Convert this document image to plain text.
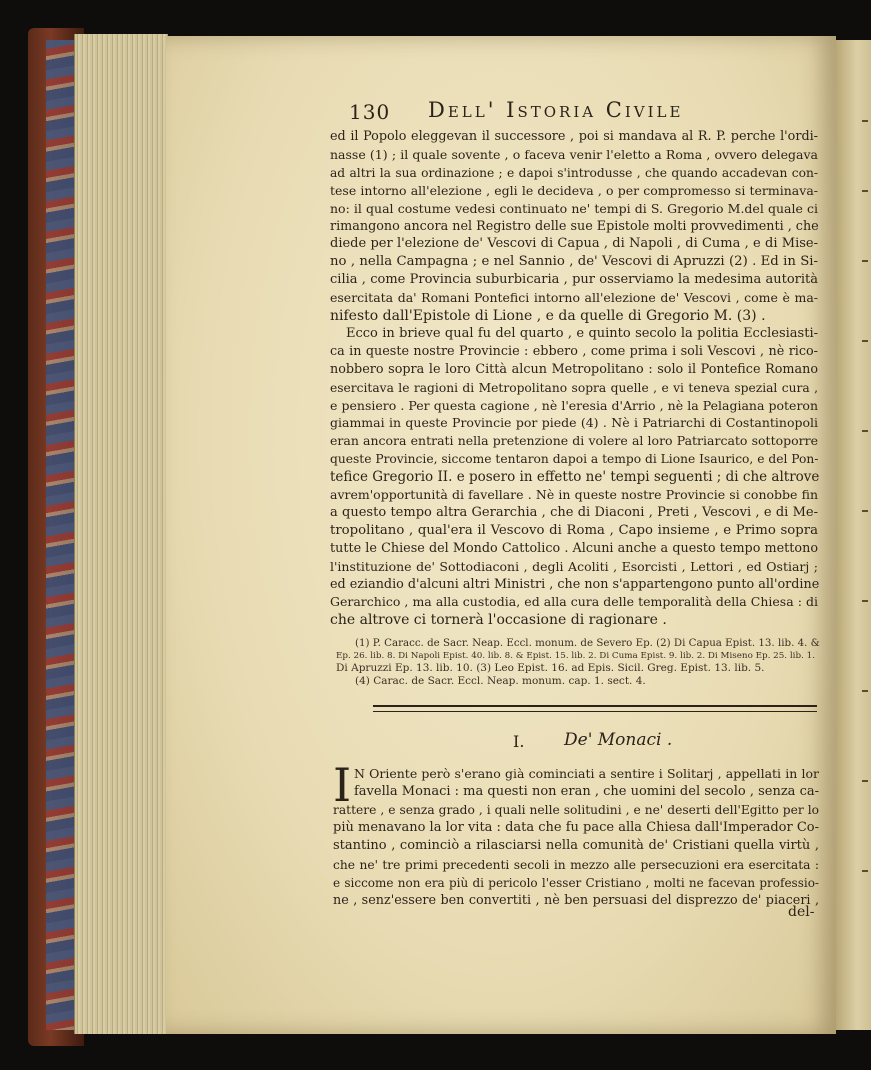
130 Dell' Istoria Civile
ed il Popolo eleggevan il successore , poi si mandava al R. P. perche l'ordi-
nasse (1) ; il quale sovente , o faceva venir l'eletto a Roma , ovvero delegava
ad altri la sua ordinazione ; e dapoi s'introdusse , che quando accadevan con-
tese intorno all'elezione , egli le decideva , o per compromesso si terminava-
no: il qual costume vedesi continuato ne' tempi di S. Gregorio M.del quale ci
rimangono ancora nel Registro delle sue Epistole molti provvedimenti , che
diede per l'elezione de' Vescovi di Capua , di Napoli , di Cuma , e di Mise-
no , nella Campagna ; e nel Sannio , de' Vescovi di Apruzzi (2) . Ed in Si-
cilia , come Provincia suburbicaria , pur osserviamo la medesima autorità
esercitata da' Romani Pontefici intorno all'elezione de' Vescovi , come è ma-
nifesto dall'Epistole di Lione , e da quelle di Gregorio M. (3) .
Ecco in brieve qual fu del quarto , e quinto secolo la politia Ecclesiasti-
ca in queste nostre Provincie : ebbero , come prima i soli Vescovi , nè rico-
nobbero sopra le loro Città alcun Metropolitano : solo il Pontefice Romano
esercitava le ragioni di Metropolitano sopra quelle , e vi teneva spezial cura ,
e pensiero . Per questa cagione , nè l'eresia d'Arrio , nè la Pelagiana poteron
giammai in queste Provincie por piede (4) . Nè i Patriarchi di Costantinopoli
eran ancora entrati nella pretenzione di volere al loro Patriarcato sottoporre
queste Provincie, siccome tentaron dapoi a tempo di Lione Isaurico, e del Pon-
tefice Gregorio II. e posero in effetto ne' tempi seguenti ; di che altrove
avrem'opportunità di favellare . Nè in queste nostre Provincie si conobbe fin
a questo tempo altra Gerarchia , che di Diaconi , Preti , Vescovi , e di Me-
tropolitano , qual'era il Vescovo di Roma , Capo insieme , e Primo sopra
tutte le Chiese del Mondo Cattolico . Alcuni anche a questo tempo mettono
l'instituzione de' Sottodiaconi , degli Acoliti , Esorcisti , Lettori , ed Ostiarj ;
ed eziandio d'alcuni altri Ministri , che non s'appartengono punto all'ordine
Gerarchico , ma alla custodia, ed alla cura delle temporalità della Chiesa : di
che altrove ci tornerà l'occasione di ragionare .
(1) P. Caracc. de Sacr. Neap. Eccl. monum. de Severo Ep. (2) Di Capua Epist. 13. lib. 4. &
Ep. 26. lib. 8. Di Napoli Epist. 40. lib. 8. & Epist. 15. lib. 2. Di Cuma Epist. 9. lib. 2. Di Miseno Ep. 25. lib. 1.
Di Apruzzi Ep. 13. lib. 10. (3) Leo Epist. 16. ad Epis. Sicil. Greg. Epist. 13. lib. 5.
(4) Carac. de Sacr. Eccl. Neap. monum. cap. 1. sect. 4.
I. De' Monaci .
I N Oriente però s'erano già cominciati a sentire i Solitarj , appellati in lor
favella Monaci : ma questi non eran , che uomini del secolo , senza ca-
rattere , e senza grado , i quali nelle solitudini , e ne' deserti dell'Egitto per lo
più menavano la lor vita : data che fu pace alla Chiesa dall'Imperador Co-
stantino , cominciò a rilasciarsi nella comunità de' Cristiani quella virtù ,
che ne' tre primi precedenti secoli in mezzo alle persecuzioni era esercitata :
e siccome non era più di pericolo l'esser Cristiano , molti ne facevan professio-
ne , senz'essere ben convertiti , nè ben persuasi del disprezzo de' piaceri ,
del-
